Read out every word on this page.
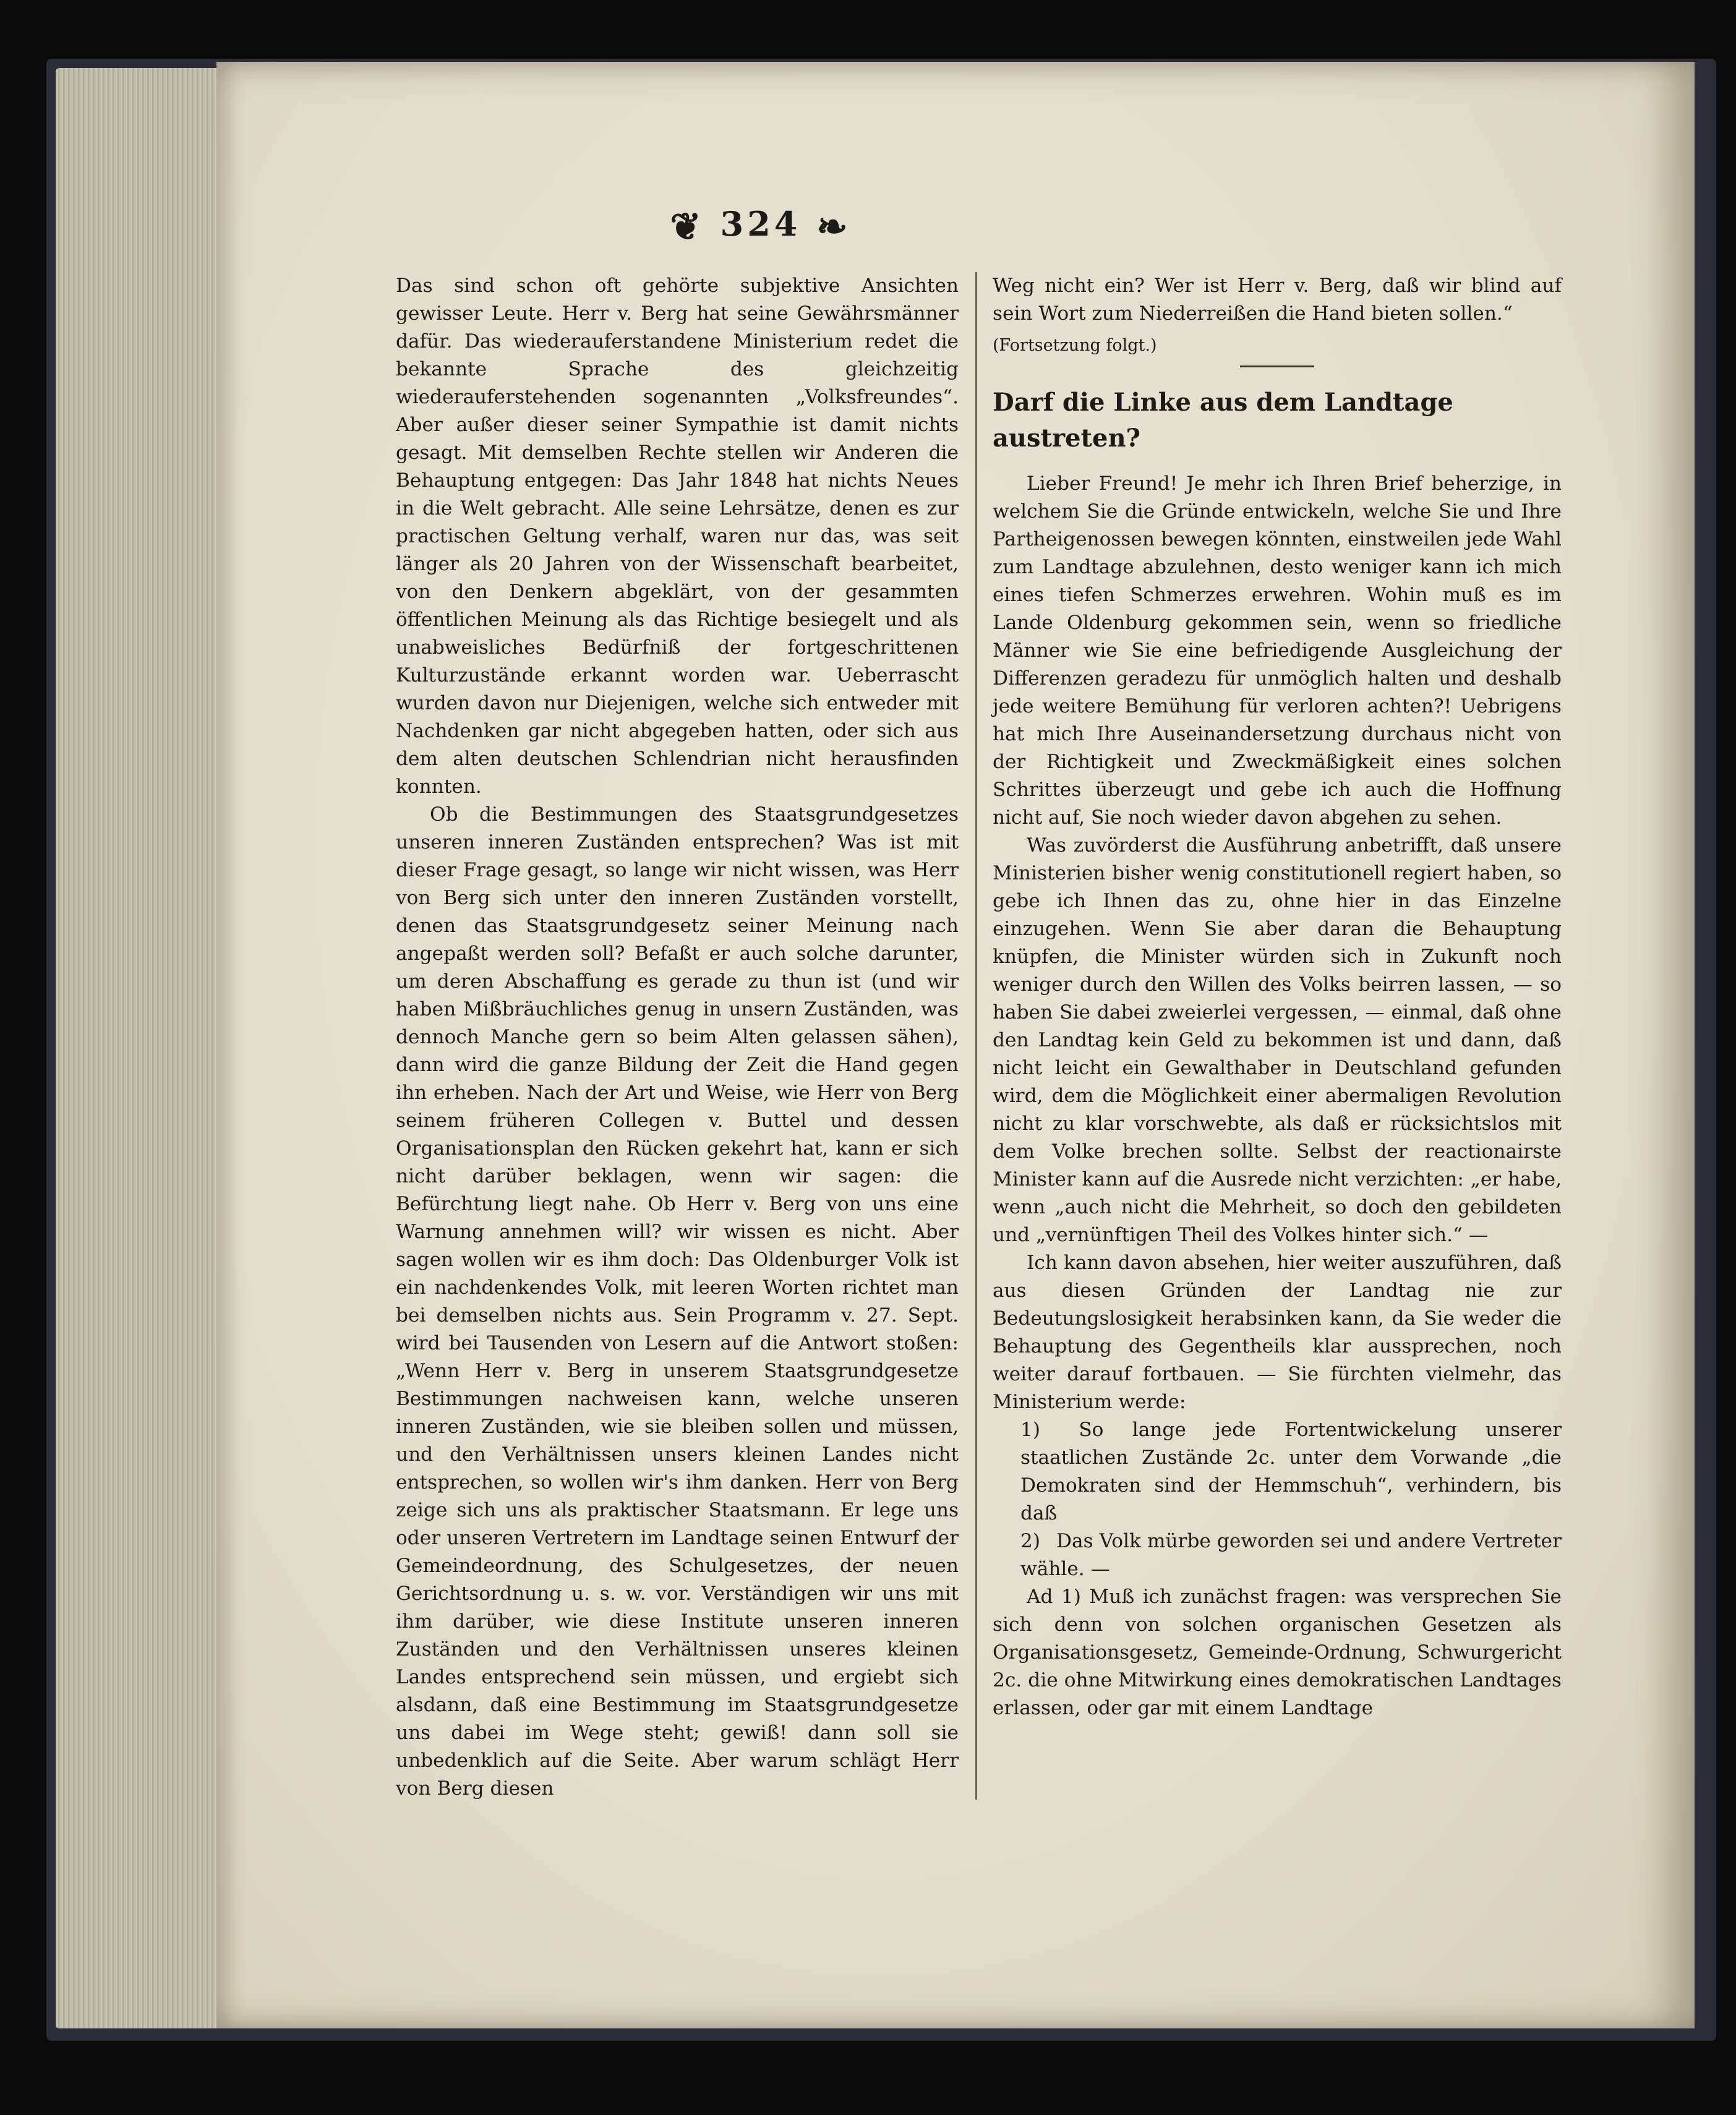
❦ 324 ❧

Das sind schon oft gehörte subjektive Ansichten gewisser Leute. Herr v. Berg hat seine Gewährsmänner dafür. Das wiederauferstandene Ministerium redet die bekannte Sprache des gleichzeitig wiederauferstehenden sogenannten „Volksfreundes“. Aber außer dieser seiner Sympathie ist damit nichts gesagt. Mit demselben Rechte stellen wir Anderen die Behauptung entgegen: Das Jahr 1848 hat nichts Neues in die Welt gebracht. Alle seine Lehrsätze, denen es zur practischen Geltung verhalf, waren nur das, was seit länger als 20 Jahren von der Wissenschaft bearbeitet, von den Denkern abgeklärt, von der gesammten öffentlichen Meinung als das Richtige besiegelt und als unabweisliches Bedürfniß der fortgeschrittenen Kulturzustände erkannt worden war. Ueberrascht wurden davon nur Diejenigen, welche sich entweder mit Nachdenken gar nicht abgegeben hatten, oder sich aus dem alten deutschen Schlendrian nicht herausfinden konnten.

Ob die Bestimmungen des Staatsgrundgesetzes unseren inneren Zuständen entsprechen? Was ist mit dieser Frage gesagt, so lange wir nicht wissen, was Herr von Berg sich unter den inneren Zuständen vorstellt, denen das Staatsgrundgesetz seiner Meinung nach angepaßt werden soll? Befaßt er auch solche darunter, um deren Abschaffung es gerade zu thun ist (und wir haben Mißbräuchliches genug in unsern Zuständen, was dennoch Manche gern so beim Alten gelassen sähen), dann wird die ganze Bildung der Zeit die Hand gegen ihn erheben. Nach der Art und Weise, wie Herr von Berg seinem früheren Collegen v. Buttel und dessen Organisationsplan den Rücken gekehrt hat, kann er sich nicht darüber beklagen, wenn wir sagen: die Befürchtung liegt nahe. Ob Herr v. Berg von uns eine Warnung annehmen will? wir wissen es nicht. Aber sagen wollen wir es ihm doch: Das Oldenburger Volk ist ein nachdenkendes Volk, mit leeren Worten richtet man bei demselben nichts aus. Sein Programm v. 27. Sept. wird bei Tausenden von Lesern auf die Antwort stoßen: „Wenn Herr v. Berg in unserem Staatsgrundgesetze Bestimmungen nachweisen kann, welche unseren inneren Zuständen, wie sie bleiben sollen und müssen, und den Verhältnissen unsers kleinen Landes nicht entsprechen, so wollen wir's ihm danken. Herr von Berg zeige sich uns als praktischer Staatsmann. Er lege uns oder unseren Vertretern im Landtage seinen Entwurf der Gemeindeordnung, des Schulgesetzes, der neuen Gerichtsordnung u. s. w. vor. Verständigen wir uns mit ihm darüber, wie diese Institute unseren inneren Zuständen und den Verhältnissen unseres kleinen Landes entsprechend sein müssen, und ergiebt sich alsdann, daß eine Bestimmung im Staatsgrundgesetze uns dabei im Wege steht; gewiß! dann soll sie unbedenklich auf die Seite. Aber warum schlägt Herr von Berg diesen

Weg nicht ein? Wer ist Herr v. Berg, daß wir blind auf sein Wort zum Niederreißen die Hand bieten sollen.“

(Fortsetzung folgt.)

Darf die Linke aus dem Landtage
austreten?

Lieber Freund! Je mehr ich Ihren Brief beherzige, in welchem Sie die Gründe entwickeln, welche Sie und Ihre Partheigenossen bewegen könnten, einstweilen jede Wahl zum Landtage abzulehnen, desto weniger kann ich mich eines tiefen Schmerzes erwehren. Wohin muß es im Lande Oldenburg gekommen sein, wenn so friedliche Männer wie Sie eine befriedigende Ausgleichung der Differenzen geradezu für unmöglich halten und deshalb jede weitere Bemühung für verloren achten?! Uebrigens hat mich Ihre Auseinandersetzung durchaus nicht von der Richtigkeit und Zweckmäßigkeit eines solchen Schrittes überzeugt und gebe ich auch die Hoffnung nicht auf, Sie noch wieder davon abgehen zu sehen.

Was zuvörderst die Ausführung anbetrifft, daß unsere Ministerien bisher wenig constitutionell regiert haben, so gebe ich Ihnen das zu, ohne hier in das Einzelne einzugehen. Wenn Sie aber daran die Behauptung knüpfen, die Minister würden sich in Zukunft noch weniger durch den Willen des Volks beirren lassen, — so haben Sie dabei zweierlei vergessen, — einmal, daß ohne den Landtag kein Geld zu bekommen ist und dann, daß nicht leicht ein Gewalthaber in Deutschland gefunden wird, dem die Möglichkeit einer abermaligen Revolution nicht zu klar vorschwebte, als daß er rücksichtslos mit dem Volke brechen sollte. Selbst der reactionairste Minister kann auf die Ausrede nicht verzichten: „er habe, wenn „auch nicht die Mehrheit, so doch den gebildeten und „vernünftigen Theil des Volkes hinter sich.“ —

Ich kann davon absehen, hier weiter auszuführen, daß aus diesen Gründen der Landtag nie zur Bedeutungslosigkeit herabsinken kann, da Sie weder die Behauptung des Gegentheils klar aussprechen, noch weiter darauf fortbauen. — Sie fürchten vielmehr, das Ministerium werde:

1) So lange jede Fortentwickelung unserer staatlichen Zustände 2c. unter dem Vorwande „die Demokraten sind der Hemmschuh“, verhindern, bis daß

2) Das Volk mürbe geworden sei und andere Vertreter wähle. —

Ad 1) Muß ich zunächst fragen: was versprechen Sie sich denn von solchen organischen Gesetzen als Organisationsgesetz, Gemeinde-Ordnung, Schwurgericht 2c. die ohne Mitwirkung eines demokratischen Landtages erlassen, oder gar mit einem Landtage
